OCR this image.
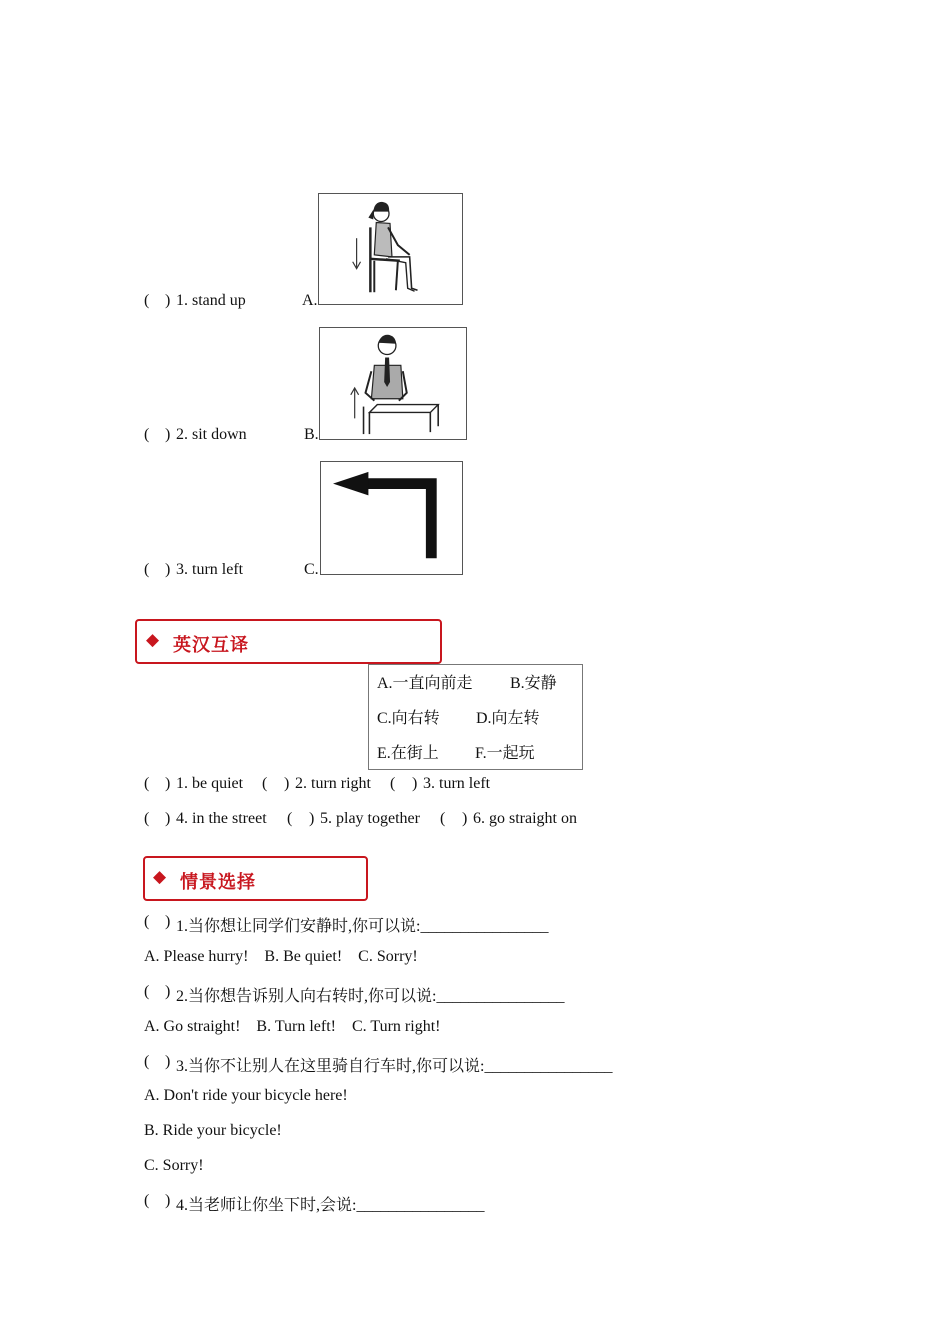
( ) 1. stand up	A.
( ) 2. sit down	B.
( ) 3. turn left	C.
◆ 英汉互译
A.一直向前走 B.安静
C.向右转 D.向左转
E.在街上 F.一起玩
( ) 1. be quiet ( ) 2. turn right ( ) 3. turn left
( ) 4. in the street ( ) 5. play together ( ) 6. go straight on
◆ 情景选择
( ) 1.当你想让同学们安静时,你可以说:________________
A. Please hurry!    B. Be quiet!    C. Sorry!
( ) 2.当你想告诉别人向右转时,你可以说:________________
A. Go straight!    B. Turn left!    C. Turn right!
( ) 3.当你不让别人在这里骑自行车时,你可以说:________________
A. Don't ride your bicycle here!
B. Ride your bicycle!
C. Sorry!
( ) 4.当老师让你坐下时,会说:________________
